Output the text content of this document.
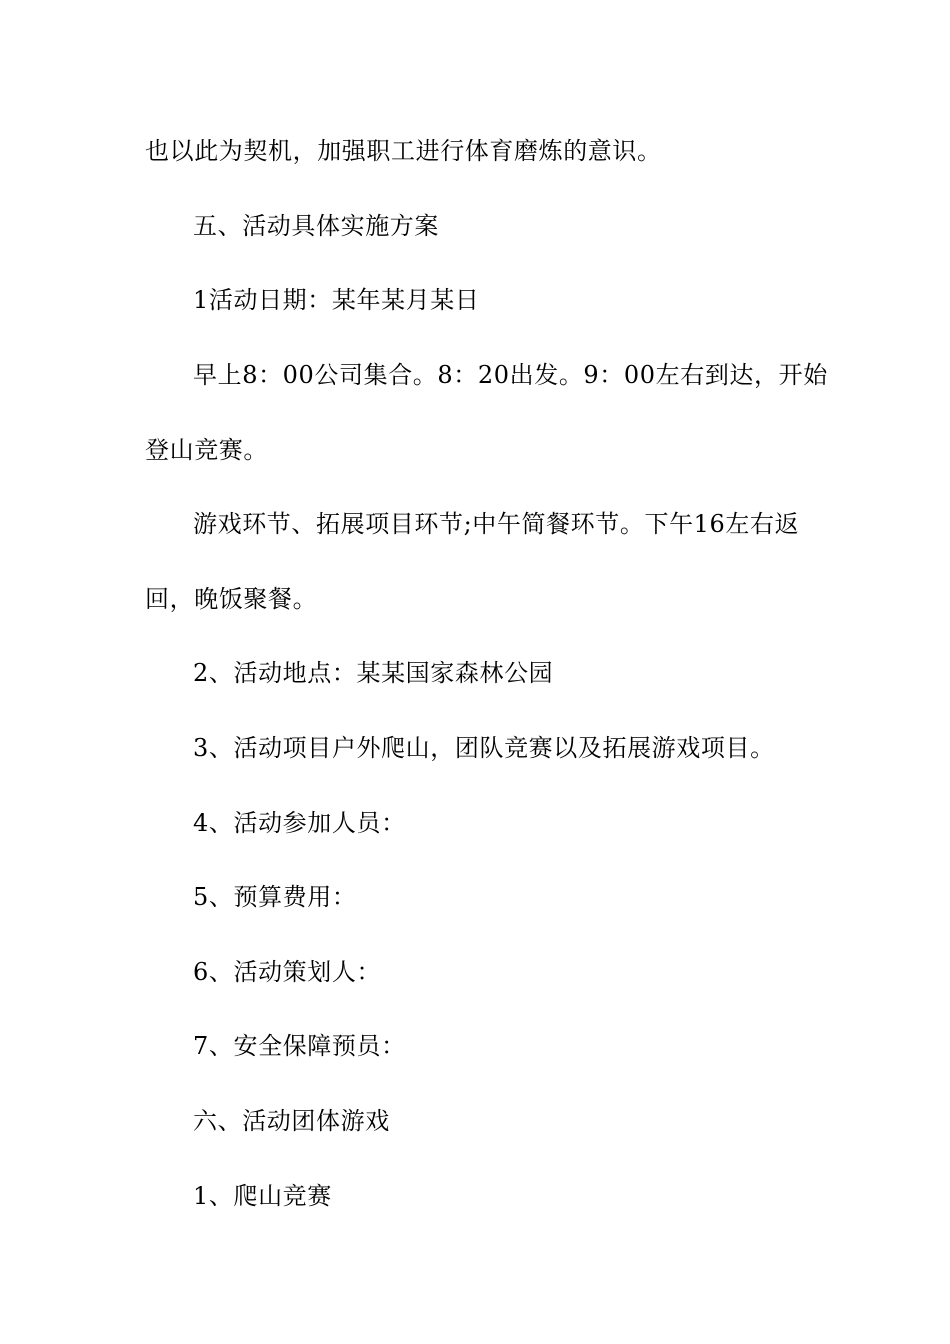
也以此为契机，加强职工进行体育磨炼的意识。
五、活动具体实施方案
1活动日期：某年某月某日
早上8：00公司集合。8：20出发。9：00左右到达，开始
登山竞赛。
游戏环节、拓展项目环节;中午简餐环节。下午16左右返
回，晚饭聚餐。
2、活动地点：某某国家森林公园
3、活动项目户外爬山，团队竞赛以及拓展游戏项目。
4、活动参加人员：
5、预算费用：
6、活动策划人：
7、安全保障预员：
六、活动团体游戏
1、爬山竞赛
